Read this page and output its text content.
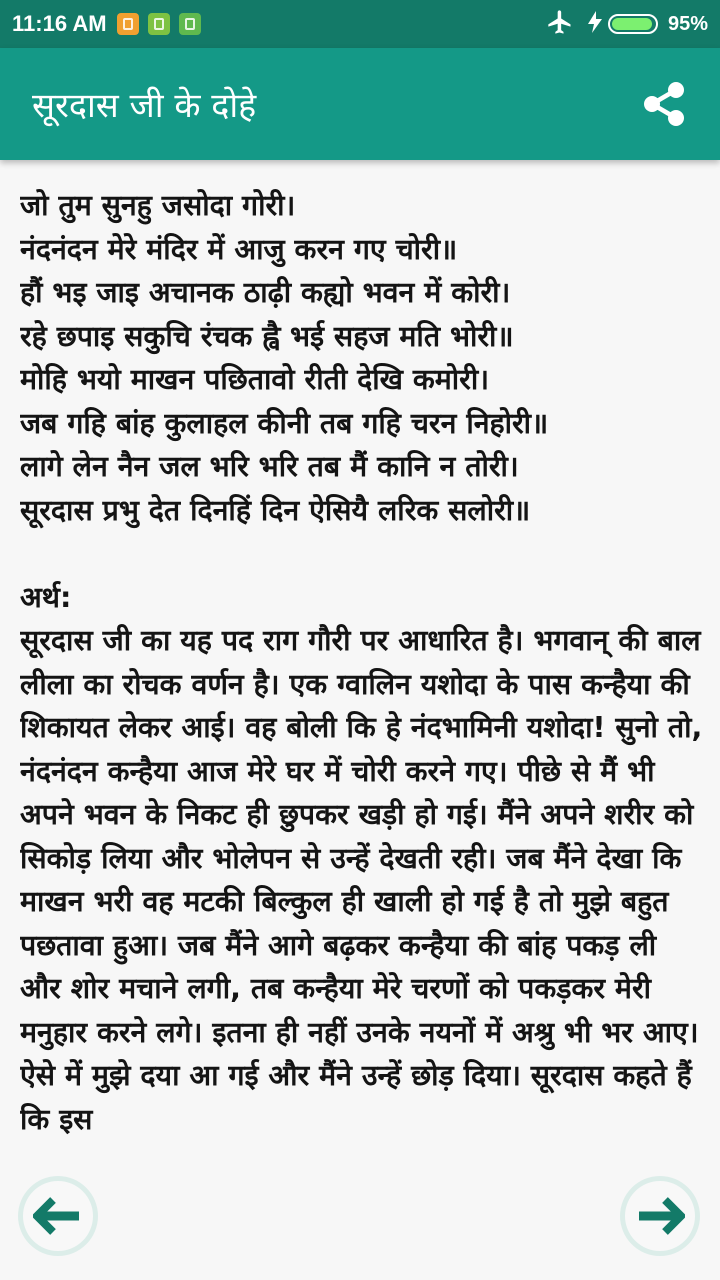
11:16 AM	95%
सूरदास जी के दोहे
जो तुम सुनहु जसोदा गोरी।
नंदनंदन मेरे मंदिर में आजु करन गए चोरी॥
हौं भइ जाइ अचानक ठाढ़ी कह्यो भवन में कोरी।
रहे छपाइ सकुचि रंचक ह्वै भई सहज मति भोरी॥
मोहि भयो माखन पछितावो रीती देखि कमोरी।
जब गहि बांह कुलाहल कीनी तब गहि चरन निहोरी॥
लागे लेन नैन जल भरि भरि तब मैं कानि न तोरी।
सूरदास प्रभु देत दिनहिं दिन ऐसियै लरिक सलोरी॥
अर्थ:
सूरदास जी का यह पद राग गौरी पर आधारित है। भगवान् की बाल लीला का रोचक वर्णन है। एक ग्वालिन यशोदा के पास कन्हैया की शिकायत लेकर आई। वह बोली कि हे नंदभामिनी यशोदा! सुनो तो, नंदनंदन कन्हैया आज मेरे घर में चोरी करने गए। पीछे से मैं भी अपने भवन के निकट ही छुपकर खड़ी हो गई। मैंने अपने शरीर को सिकोड़ लिया और भोलेपन से उन्हें देखती रही। जब मैंने देखा कि माखन भरी वह मटकी बिल्कुल ही खाली हो गई है तो मुझे बहुत पछतावा हुआ। जब मैंने आगे बढ़कर कन्हैया की बांह पकड़ ली और शोर मचाने लगी, तब कन्हैया मेरे चरणों को पकड़कर मेरी मनुहार करने लगे। इतना ही नहीं उनके नयनों में अश्रु भी भर आए। ऐसे में मुझे दया आ गई और मैंने उन्हें छोड़ दिया। सूरदास कहते हैं कि इस
